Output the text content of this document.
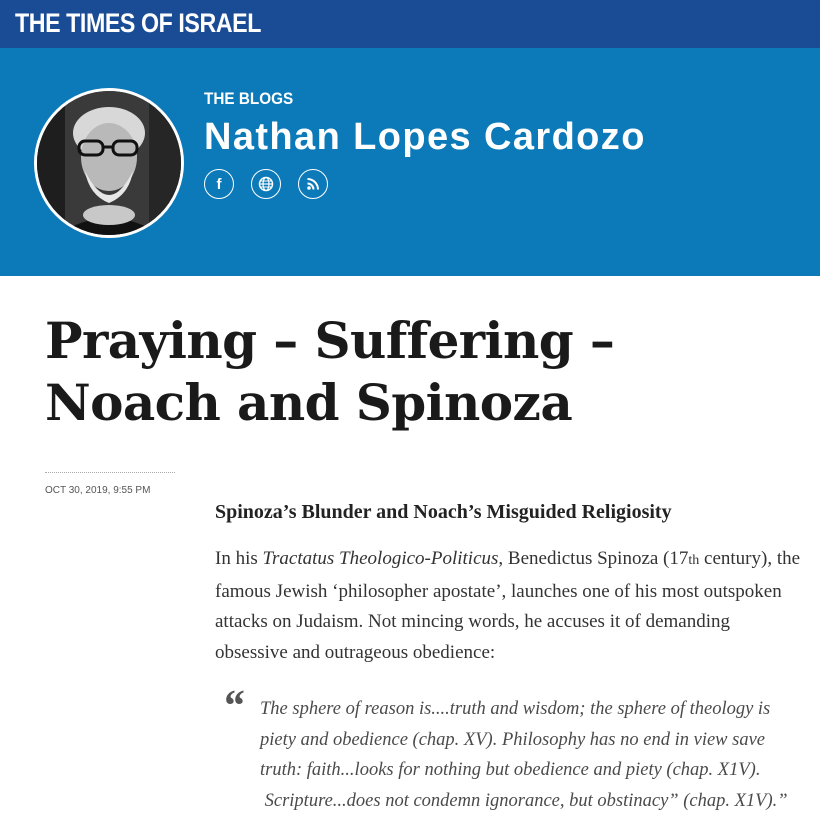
THE TIMES OF ISRAEL
THE BLOGS
Nathan Lopes Cardozo
f
Praying – Suffering – Noach and Spinoza
OCT 30, 2019, 9:55 PM
Spinoza’s Blunder and Noach’s Misguided Religiosity

In his Tractatus Theologico-Politicus, Benedictus Spinoza (17th century), the famous Jewish ‘philosopher apostate’, launches one of his most outspoken attacks on Judaism. Not mincing words, he accuses it of demanding obsessive and outrageous obedience:

“ The sphere of reason is....truth and wisdom; the sphere of theology is
piety and obedience (chap. XV). Philosophy has no end in view save
truth: faith...looks for nothing but obedience and piety (chap. X1V).
Scripture...does not condemn ignorance, but obstinacy” (chap. X1V).”
